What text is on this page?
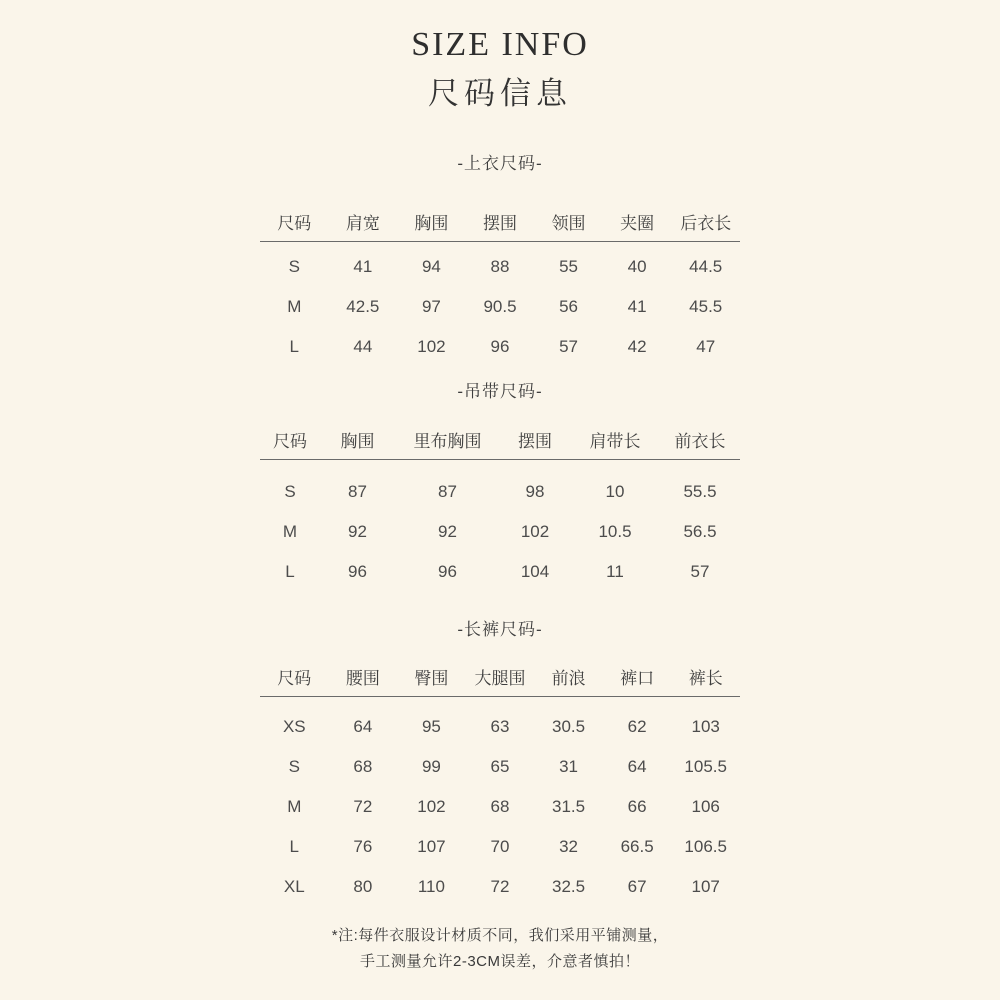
SIZE INFO
尺码信息
-上衣尺码-
尺码	肩宽	胸围	摆围	领围	夹圈	后衣长
S	41	94	88	55	40	44.5
M	42.5	97	90.5	56	41	45.5
L	44	102	96	57	42	47
-吊带尺码-
尺码	胸围	里布胸围	摆围	肩带长	前衣长
S	87	87	98	10	55.5
M	92	92	102	10.5	56.5
L	96	96	104	11	57
-长裤尺码-
尺码	腰围	臀围	大腿围	前浪	裤口	裤长
XS	64	95	63	30.5	62	103
S	68	99	65	31	64	105.5
M	72	102	68	31.5	66	106
L	76	107	70	32	66.5	106.5
XL	80	110	72	32.5	67	107
*注:每件衣服设计材质不同，我们采用平铺测量，
手工测量允许2-3CM误差，介意者慎拍！
